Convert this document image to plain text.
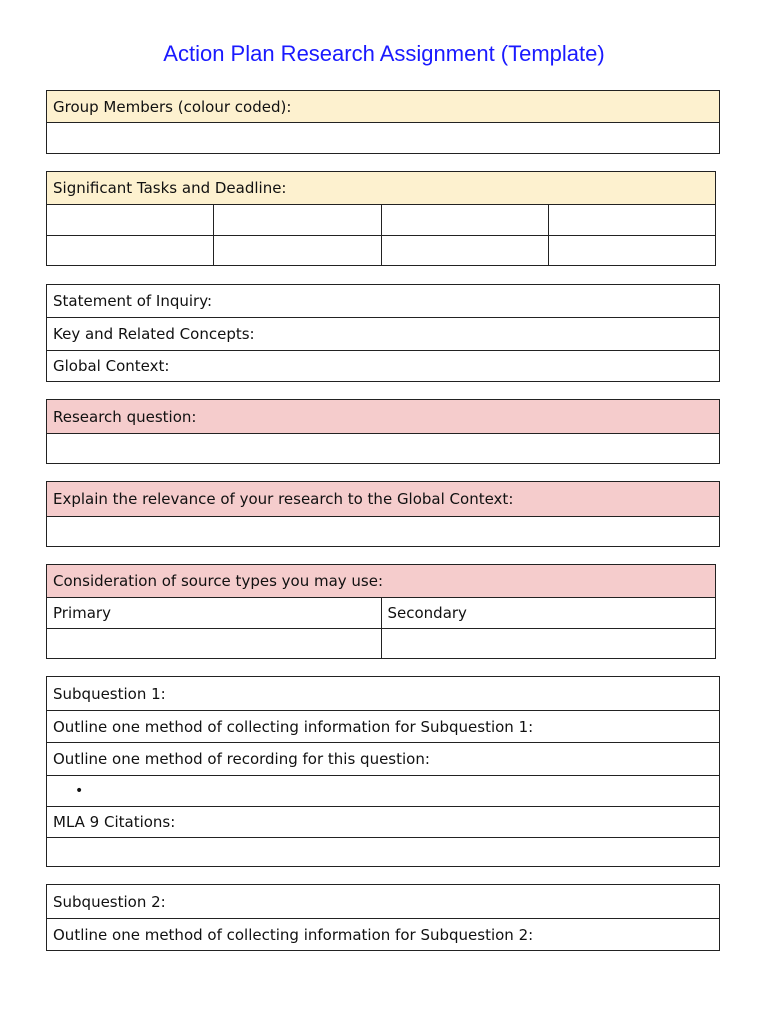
Action Plan Research Assignment (Template)
Group Members (colour coded):
Significant Tasks and Deadline:
Statement of Inquiry:
Key and Related Concepts:
Global Context:
Research question:
Explain the relevance of your research to the Global Context:
Consideration of source types you may use:
Primary	Secondary
Subquestion 1:
Outline one method of collecting information for Subquestion 1:
Outline one method of recording for this question:
•
MLA 9 Citations:
Subquestion 2:
Outline one method of collecting information for Subquestion 2:
